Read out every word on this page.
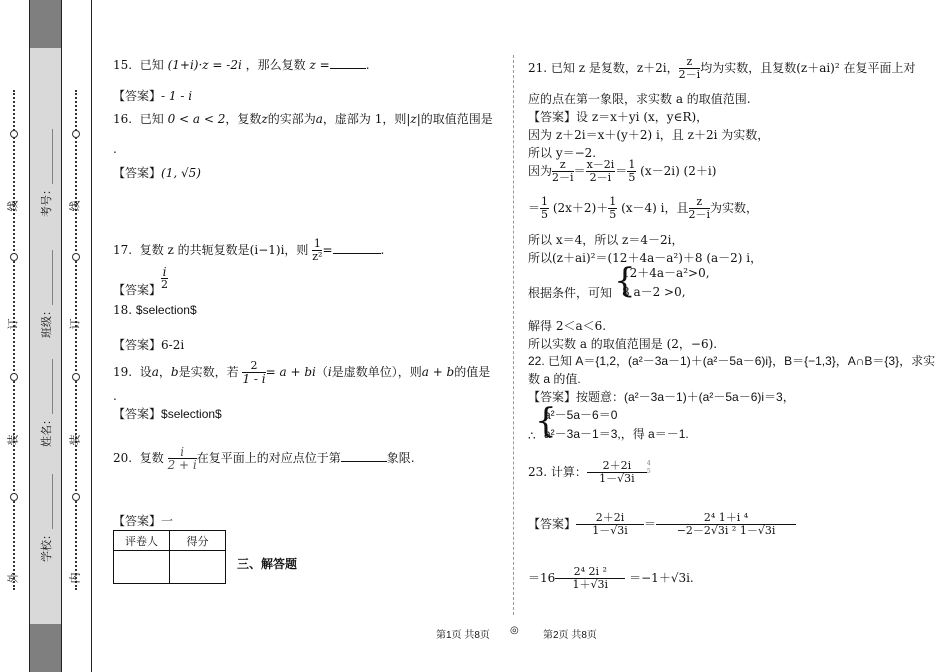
外
装
订
线
学校：__________
姓名：__________
班级：__________
考号：__________
内
装
订
线
15. 已知 (1+i)·z = -2i ，那么复数 z =	.
【答案】- 1 - i
16. 已知 0 < a < 2，复数z的实部为a，虚部为 1，则|z|的取值范围是
.
【答案】(1, √5)
17. 复数 z 的共轭复数是(i−1)i，则 $\frac{1}{\text{z²}}$ =	.
$\frac{i}{2}$
【答案】
18. $selection$
【答案】6-2i
19. 设a，b是实数，若 $\frac{2}{1 - i} = a + bi(i$是虚数单位），则a + b的值是
.
【答案】$selection$
20. 复数 $\frac{i}{2 + i}$ 在复平面上的对应点位于第	象限.
【答案】一
评卷人	得分

三、解答题
21. 已知 z 是复数，z＋2i， $\frac{z}{2-i}$ 均为实数，且复数(z＋ai)² 在复平面上对
应的点在第一象限，求实数 a 的取值范围.
【答案】设 z＝x＋yi (x，y∈R)，
因为 z＋2i＝x＋(y＋2) i，且 z＋2i 为实数，
所以 y＝−2.
因为 $\frac{z}{2-i} = \frac{x-2i}{2-i} = \frac{1}{5} (x-2i)$ (2＋i)
＝ $\frac{1}{5} (2x+2)+ \frac{1}{5} (x-4)$ i，且 $\frac{z}{2-i}$ 为实数，
所以 x＝4，所以 z＝4－2i，
所以(z＋ai)²＝(12＋4a－a²)＋8 (a－2) i，
根据条件，可知 {
12＋4a－a²>0,
8 a－2 >0,
解得 2＜a＜6.
所以实数 a 的取值范围是 (2，−6).
22. 已知 A＝{1,2，(a²－3a－1)＋(a²－5a－6)i}，B＝{−1,3}，A∩B＝{3}，求实
数 a 的值.
【答案】按题意：(a²－3a－1)＋(a²－5a－6)i＝3，
{
a²－5a－6＝0
a²－3a－1＝3,，得 a＝－1.
∴
23. 计算： $\frac{2+2i}{1-√3i} 4$
5
【答案】 $\frac{2+2i}{1-√3i} = \frac{\text{2⁴ 1＋i ⁴}}{\text{−2－2√3i ² 1－√3i}}$
$=16 \frac{\text{2⁴ 2i ²}}{1+√3i} =-1+√3i$.
第1页 共8页 ◎ 第2页 共8页
